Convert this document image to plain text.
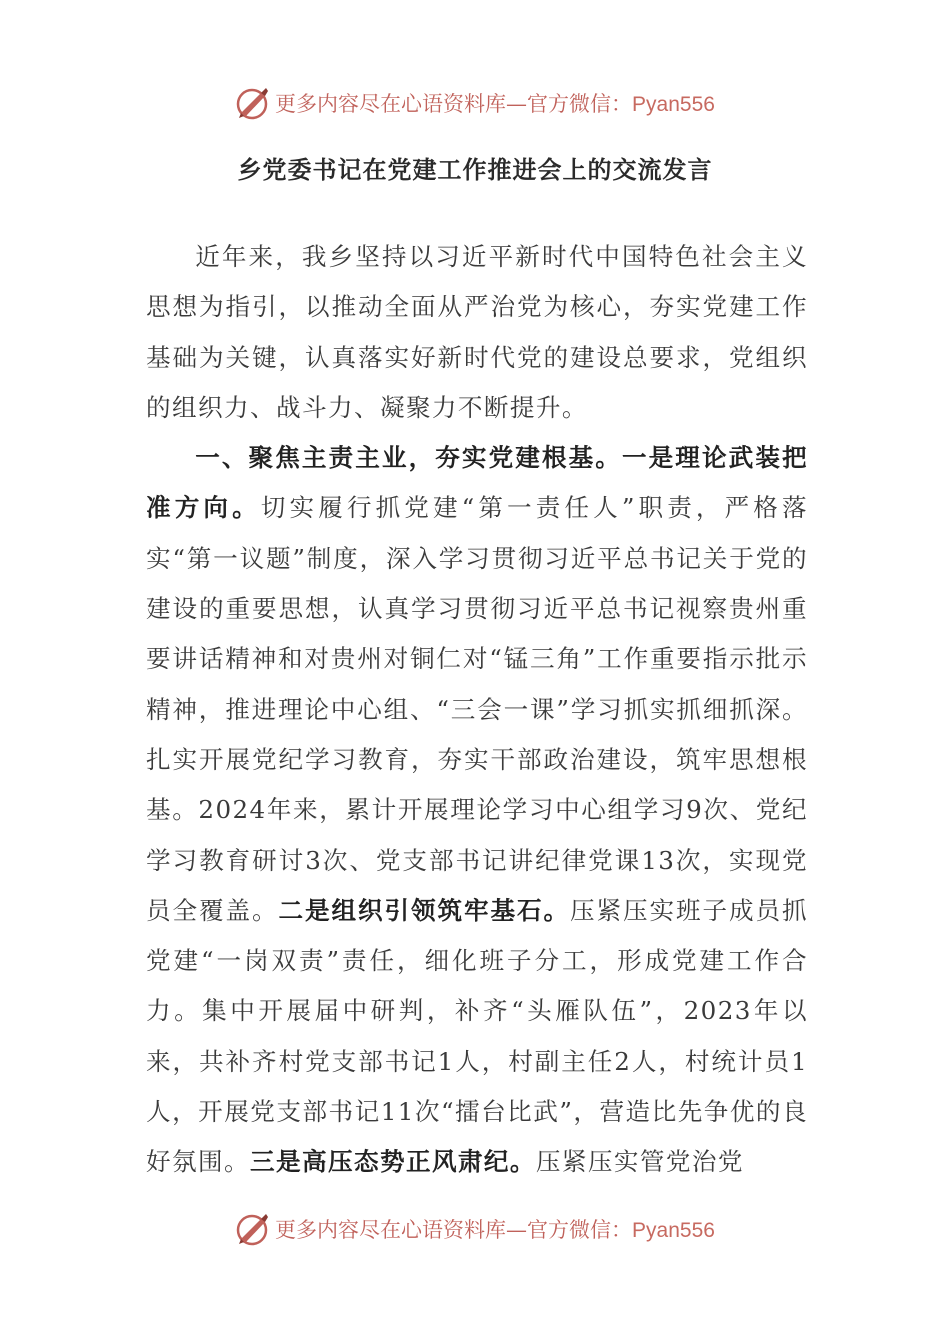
更多内容尽在心语资料库—官方微信：Pyan556
乡党委书记在党建工作推进会上的交流发言

近年来，我乡坚持以习近平新时代中国特色社会主义思想为指引，以推动全面从严治党为核心，夯实党建工作基础为关键，认真落实好新时代党的建设总要求，党组织的组织力、战斗力、凝聚力不断提升。

一、聚焦主责主业，夯实党建根基。一是理论武装把准方向。切实履行抓党建“第一责任人”职责，严格落实“第一议题”制度，深入学习贯彻习近平总书记关于党的建设的重要思想，认真学习贯彻习近平总书记视察贵州重要讲话精神和对贵州对铜仁对“锰三角”工作重要指示批示精神，推进理论中心组、“三会一课”学习抓实抓细抓深。扎实开展党纪学习教育，夯实干部政治建设，筑牢思想根基。2024年来，累计开展理论学习中心组学习9次、党纪学习教育研讨3次、党支部书记讲纪律党课13次，实现党员全覆盖。二是组织引领筑牢基石。压紧压实班子成员抓党建“一岗双责”责任，细化班子分工，形成党建工作合力。集中开展届中研判，补齐“头雁队伍”，2023年以来，共补齐村党支部书记1人，村副主任2人，村统计员1人，开展党支部书记11次“擂台比武”，营造比先争优的良好氛围。三是高压态势正风肃纪。压紧压实管党治党

更多内容尽在心语资料库—官方微信：Pyan556
